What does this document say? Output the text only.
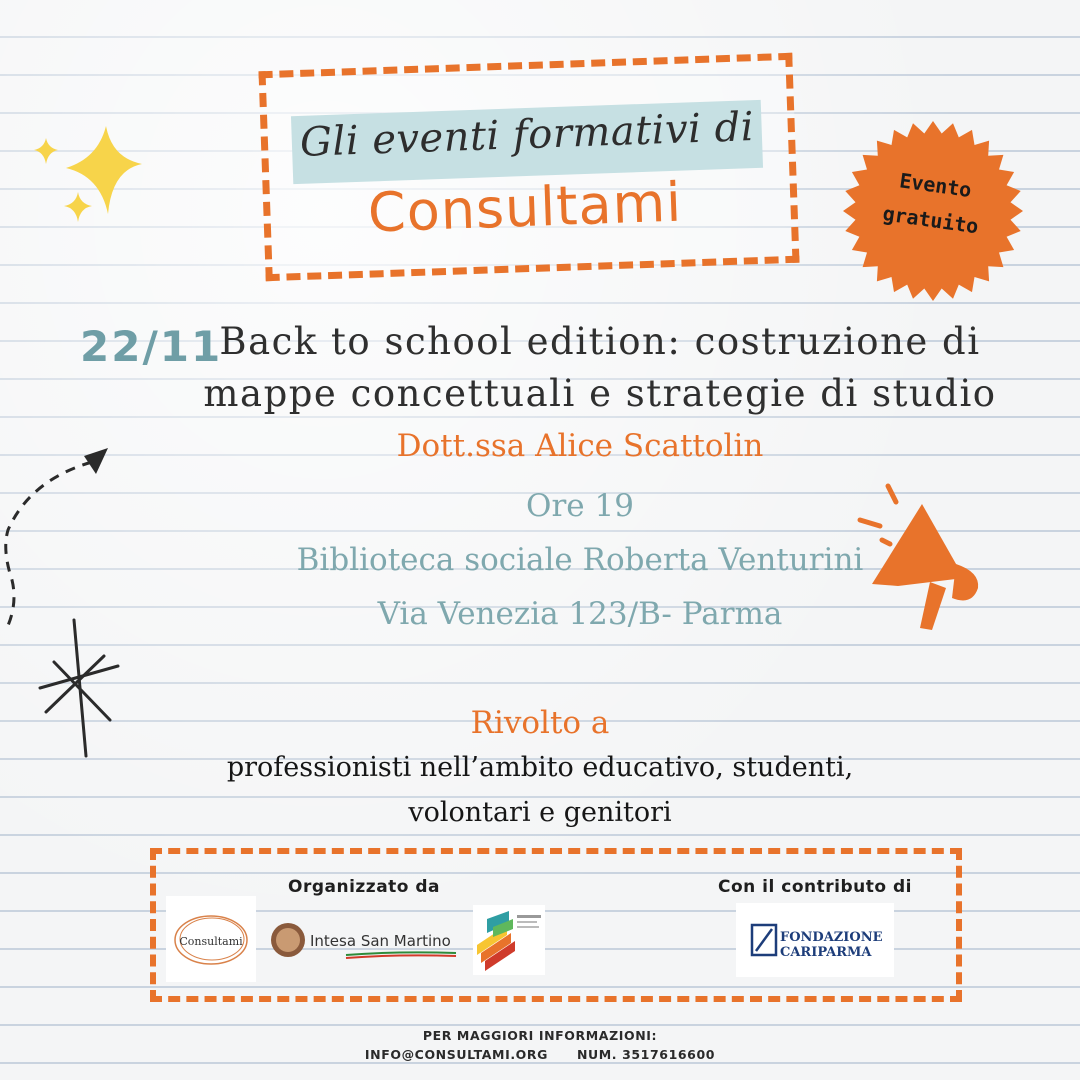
Gli eventi formativi di
Consultami	Evento
gratuito
22/11
Back to school edition: costruzione di
mappe concettuali e strategie di studio
Dott.ssa Alice Scattolin
Ore 19
Biblioteca sociale Roberta Venturini
Via Venezia 123/B- Parma
Rivolto a
professionisti nell’ambito educativo, studenti,
volontari e genitori
Organizzato da	Con il contributo di
Consultami	Intesa San Martino	FONDAZIONE
CARIPARMA
PER MAGGIORI INFORMAZIONI:
INFO@CONSULTAMI.ORG NUM. 3517616600
